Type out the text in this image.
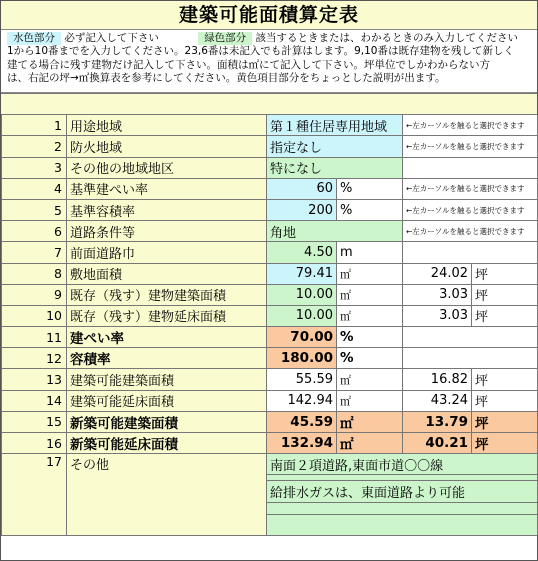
建築可能面積算定表
水色部分 必ず記入して下さい	緑色部分 該当するときまたは、わかるときのみ入力してください
1から10番までを入力してください。23,6番は未記入でも計算はします。9,10番は既存建物を残して新しく
建てる場合に残す建物だけ記入して下さい。面積は㎡にて記入して下さい。坪単位でしかわからない方
は、右記の坪→㎡換算表を参考にしてください。黄色項目部分をちょっとした説明が出ます。
1	用途地域	第１種住居専用地域		←左カーソルを触ると選択できます	
2	防火地域	指定なし		←左カーソルを触ると選択できます	
3	その他の地域地区	特になし			
4	基準建ぺい率	60	%	←左カーソルを触ると選択できます	
5	基準容積率	200	%	←左カーソルを触ると選択できます	
6	道路条件等	角地		←左カーソルを触ると選択できます	
7	前面道路巾	4.50	m		
8	敷地面積	79.41	㎡	24.02	坪
9	既存（残す）建物建築面積	10.00	㎡	3.03	坪
10	既存（残す）建物延床面積	10.00	㎡	3.03	坪
11	建ぺい率	70.00	%		
12	容積率	180.00	%		
13	建築可能建築面積	55.59	㎡	16.82	坪
14	建築可能延床面積	142.94	㎡	43.24	坪
15	新築可能建築面積	45.59	㎡	13.79	坪
16	新築可能延床面積	132.94	㎡	40.21	坪
17	その他	南面２項道路,東面市道〇〇線			

		給排水ガスは、東面道路より可能			
